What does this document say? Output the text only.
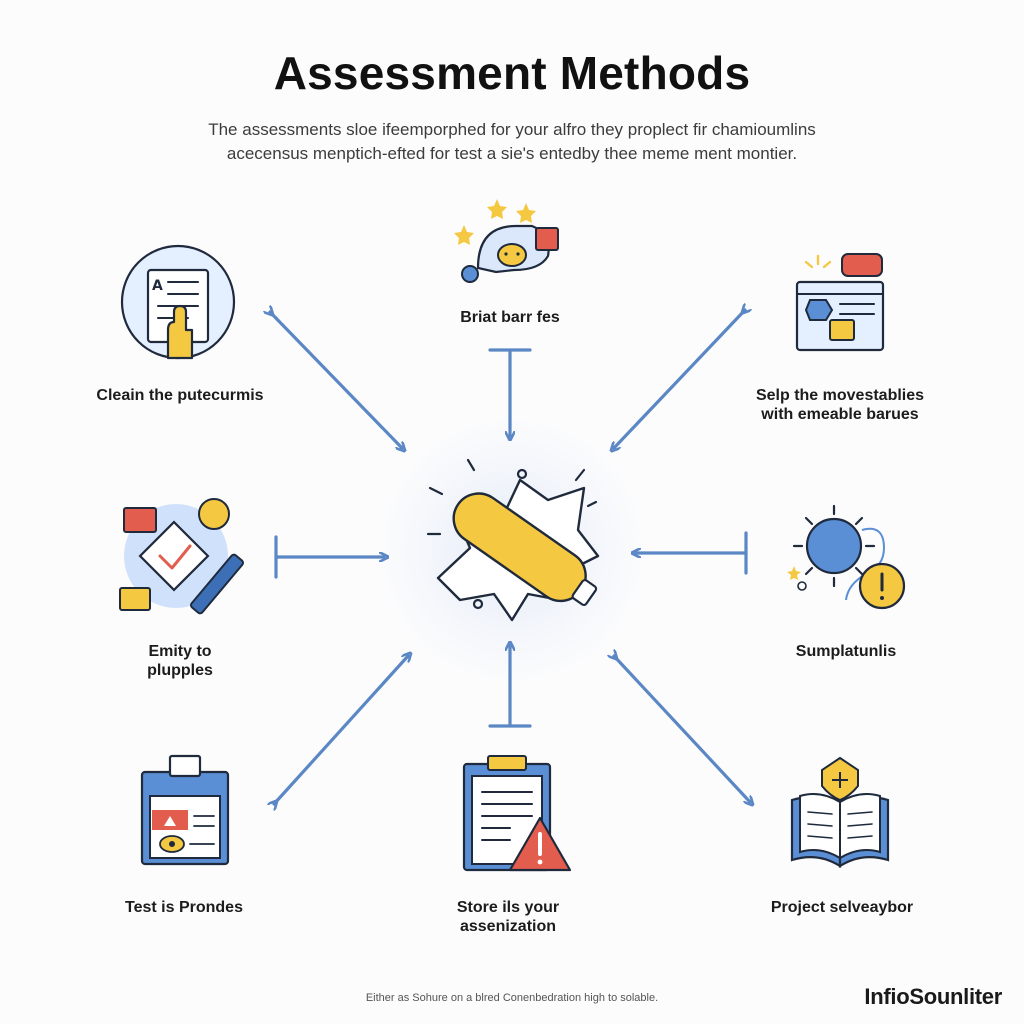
Assessment Methods
The assessments sloe ifeemporphed for your alfro they proplect fir chamioumlins
acecensus menptich-efted for test a sie's entedby thee meme ment montier.
A
Cleain the putecurmis
Briat barr fes
Selp the movestablies
with emeable barues
Emity to
plupples
Sumplatunlis
Test is Prondes	Store ils your
assenization
Project selveaybor
Either as Sohure on a blred Conenbedration high to solable.	InfioSounliter
